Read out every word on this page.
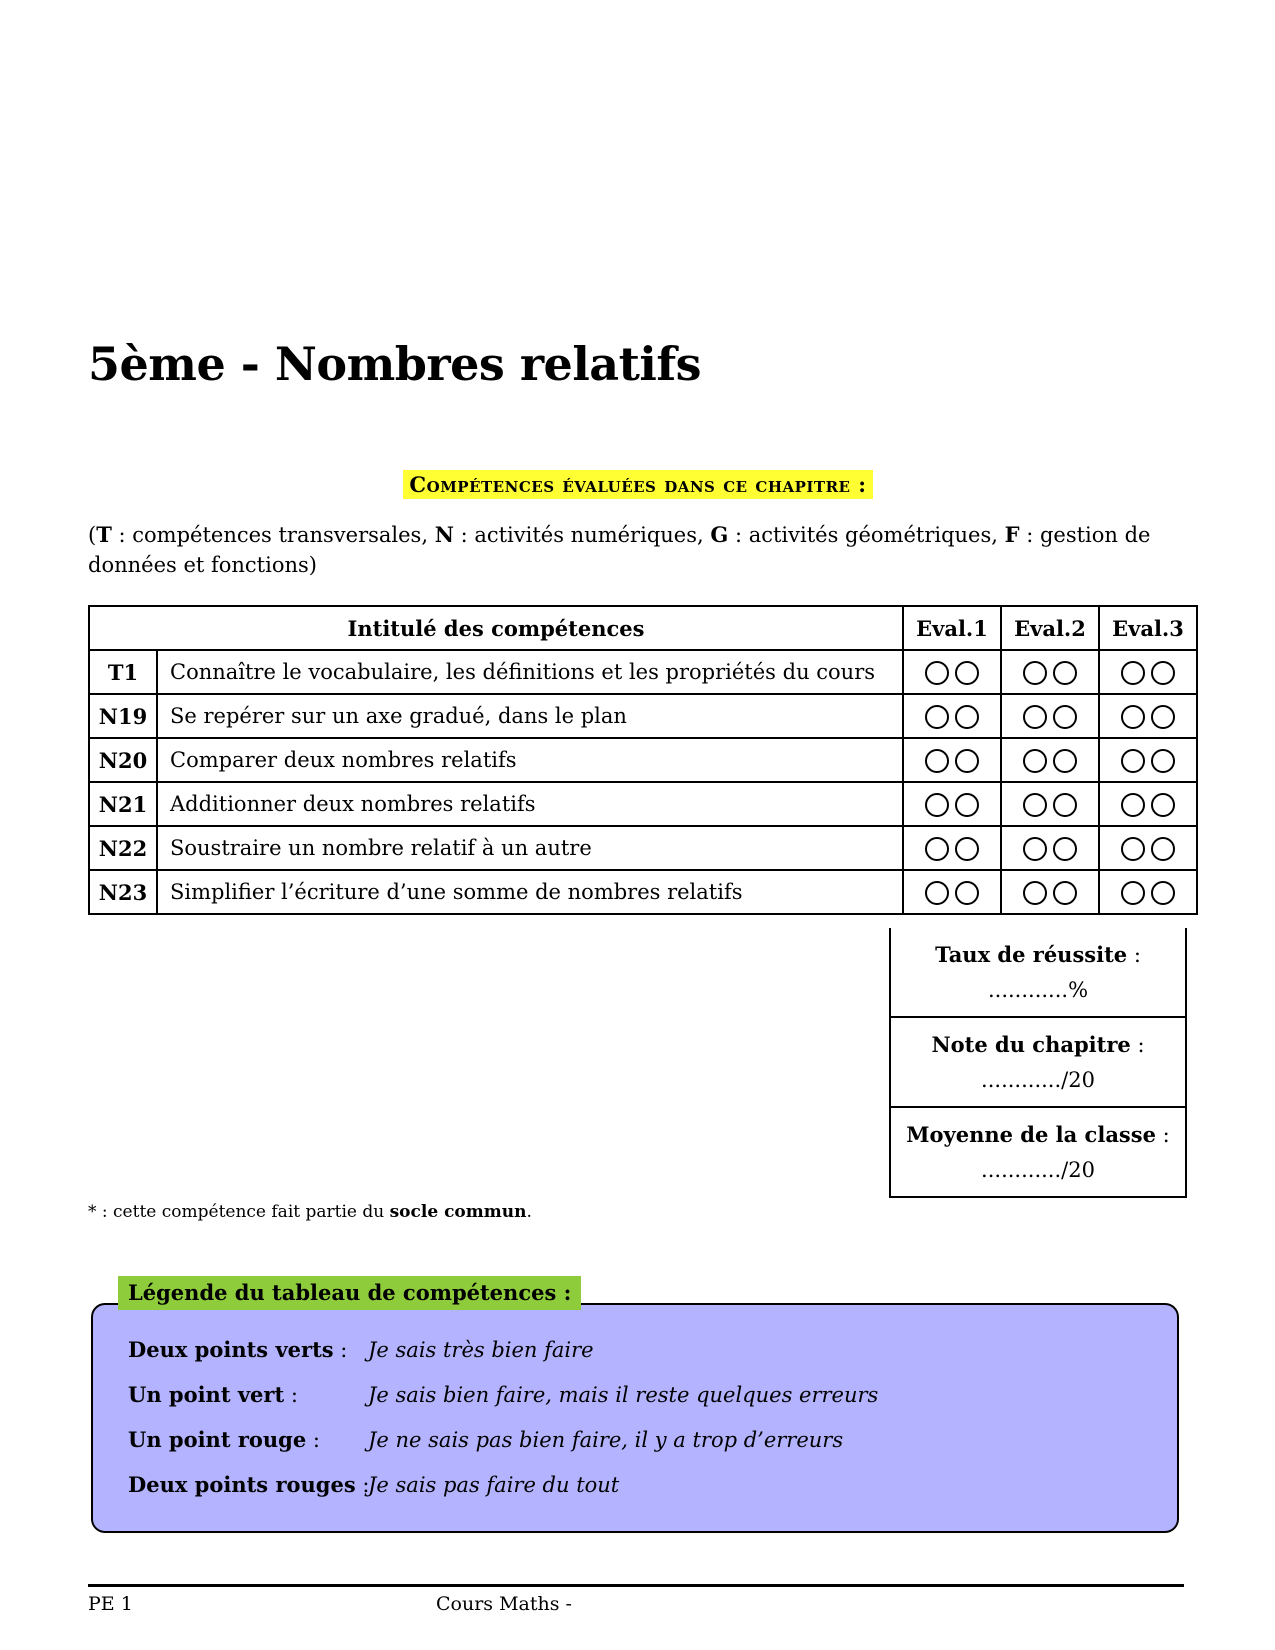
5ème - Nombres relatifs
Compétences évaluées dans ce chapitre :
(T : compétences transversales, N : activités numériques, G : activités géométriques, F : gestion de données et fonctions)
Intitulé des compétences		Eval.1	Eval.2	Eval.3
T1	Connaître le vocabulaire, les définitions et les propriétés du cours			
N19	Se repérer sur un axe gradué, dans le plan			
N20	Comparer deux nombres relatifs			
N21	Additionner deux nombres relatifs			
N22	Soustraire un nombre relatif à un autre			
N23	Simplifier l’écriture d’une somme de nombres relatifs			
Taux de réussite :
............%
Note du chapitre :
............/20
Moyenne de la classe :
............/20
* : cette compétence fait partie du socle commun.
Légende du tableau de compétences :
Deux points verts : Je sais très bien faire
Un point vert :	Je sais bien faire, mais il reste quelques erreurs
Un point rouge : Je ne sais pas bien faire, il y a trop d’erreurs
Deux points rouges :Je sais pas faire du tout
PE 1	Cours Maths -
